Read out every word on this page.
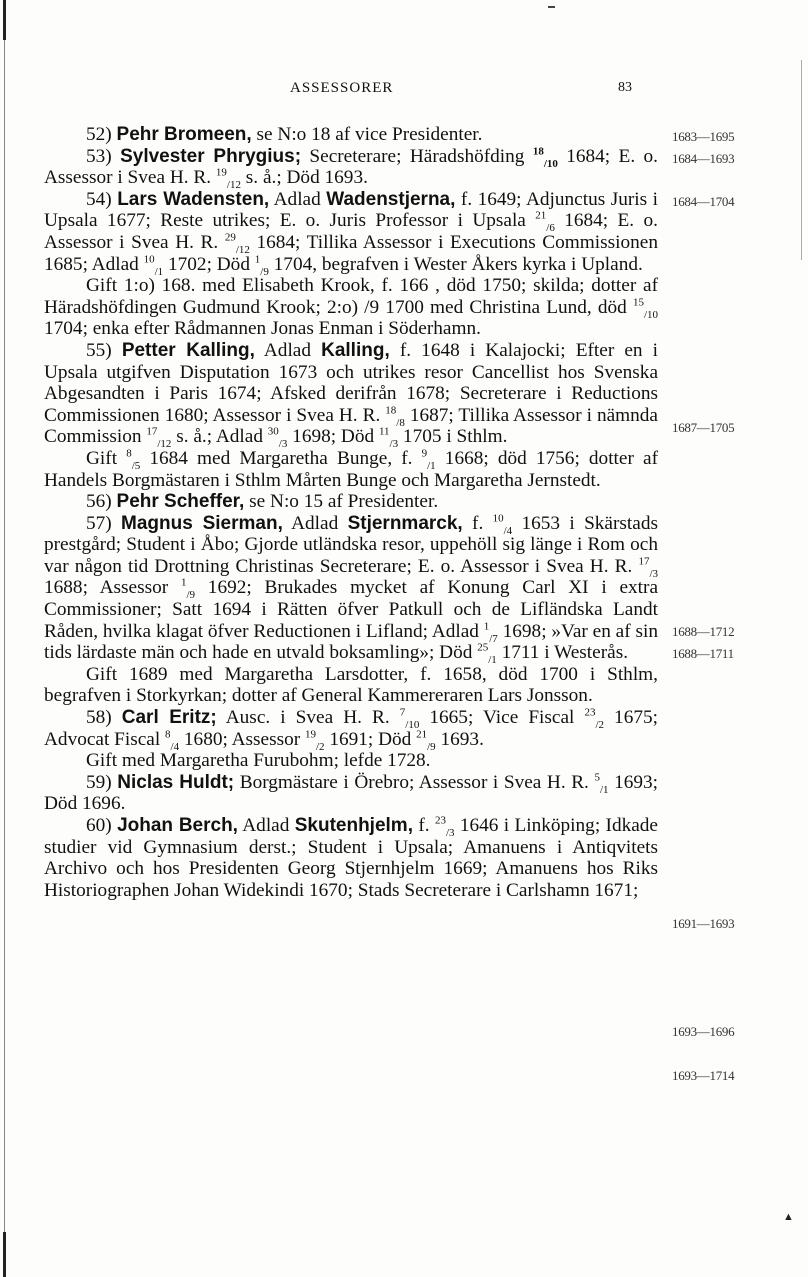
▲
ASSESSORER	83
1683—1695
1684—1693
1684—1704
1687—1705
1688—1712
1688—1711
1691—1693
1693—1696
1693—1714

52) Pehr Bromeen, se N:o 18 af vice Presidenter.

53) Sylvester Phrygius; Secreterare; Häradshöfding $^{18}_{/10}$ 1684; E. o. Assessor i Svea H. R. $^{19}_{/12}$ s. å.; Död 1693.

54) Lars Wadensten, Adlad Wadenstjerna, f. 1649; Adjunctus Juris i Upsala 1677; Reste utrikes; E. o. Juris Professor i Upsala $^{21}_{/6}$ 1684; E. o. Assessor i Svea H. R. $^{29}_{/12}$ 1684; Tillika Assessor i Executions Commissionen 1685; Adlad $^{10}_{/1}$ 1702; Död $^1_{/9}$ 1704, begrafven i Wester Åkers kyrka i Upland.

Gift 1:o) 168. med Elisabeth Krook, f. 166 , död 1750; skilda; dotter af Häradshöfdingen Gudmund Krook; 2:o) /9 1700 med Christina Lund, död $^{15}_{/10}$ 1704; enka efter Rådmannen Jonas Enman i Söderhamn.

55) Petter Kalling, Adlad Kalling, f. 1648 i Kalajocki; Efter en i Upsala utgifven Disputation 1673 och utrikes resor Cancellist hos Svenska Abgesandten i Paris 1674; Afsked derifrån 1678; Secreterare i Reductions Commissionen 1680; Assessor i Svea H. R. $^{18}_{/8}$ 1687; Tillika Assessor i nämnda Commission $^{17}_{/12}$ s. å.; Adlad $^{30}_{/3}$ 1698; Död $^{11}_{/3}$ 1705 i Sthlm.

Gift $^8_{/5}$ 1684 med Margaretha Bunge, f. $^9_{/1}$ 1668; död 1756; dotter af Handels Borgmästaren i Sthlm Mårten Bunge och Margaretha Jernstedt.

56) Pehr Scheffer, se N:o 15 af Presidenter.

57) Magnus Sierman, Adlad Stjernmarck, f. $^{10}_{/4}$ 1653 i Skärstads prestgård; Student i Åbo; Gjorde utländska resor, uppehöll sig länge i Rom och var någon tid Drottning Christinas Secreterare; E. o. Assessor i Svea H. R. $^{17}_{/3}$ 1688; Assessor $^1_{/9}$ 1692; Brukades mycket af Konung Carl XI i extra Commissioner; Satt 1694 i Rätten öfver Patkull och de Lifländska Landt Råden, hvilka klagat öfver Reductionen i Lifland; Adlad $^1_{/7}$ 1698; »Var en af sin tids lärdaste män och hade en utvald boksamling»; Död $^{25}_{/1}$ 1711 i Westerås.

Gift 1689 med Margaretha Larsdotter, f. 1658, död 1700 i Sthlm, begrafven i Storkyrkan; dotter af General Kammereraren Lars Jonsson.

58) Carl Eritz; Ausc. i Svea H. R. $^7_{/10}$ 1665; Vice Fiscal $^{23}_{/2}$ 1675; Advocat Fiscal $^8_{/4}$ 1680; Assessor $^{19}_{/2}$ 1691; Död $^{21}_{/9}$ 1693.

Gift med Margaretha Furubohm; lefde 1728.

59) Niclas Huldt; Borgmästare i Örebro; Assessor i Svea H. R. $^5_{/1}$ 1693; Död 1696.

60) Johan Berch, Adlad Skutenhjelm, f. $^{23}_{/3}$ 1646 i Linköping; Idkade studier vid Gymnasium derst.; Student i Upsala; Amanuens i Antiqvitets Archivo och hos Presidenten Georg Stjernhjelm 1669; Amanuens hos Riks Historiographen Johan Widekindi 1670; Stads Secreterare i Carlshamn 1671;
